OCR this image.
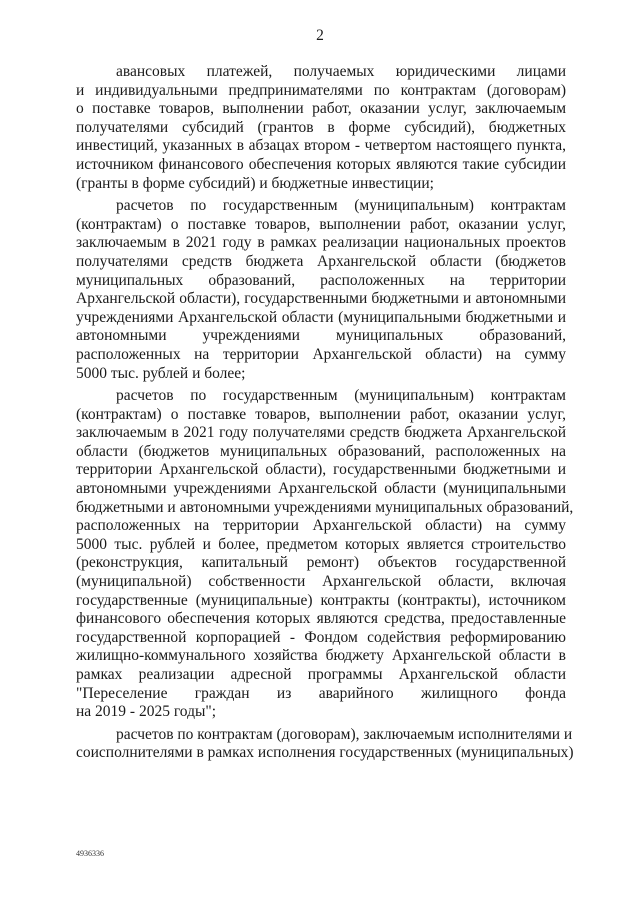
2
авансовых платежей, получаемых юридическими лицами
и индивидуальными предпринимателями по контрактам (договорам)
о поставке товаров, выполнении работ, оказании услуг, заключаемым
получателями субсидий (грантов в форме субсидий), бюджетных
инвестиций, указанных в абзацах втором - четвертом настоящего пункта,
источником финансового обеспечения которых являются такие субсидии
(гранты в форме субсидий) и бюджетные инвестиции;
расчетов по государственным (муниципальным) контрактам
(контрактам) о поставке товаров, выполнении работ, оказании услуг,
заключаемым в 2021 году в рамках реализации национальных проектов
получателями средств бюджета Архангельской области (бюджетов
муниципальных образований, расположенных на территории
Архангельской области), государственными бюджетными и автономными
учреждениями Архангельской области (муниципальными бюджетными и
автономными учреждениями муниципальных образований,
расположенных на территории Архангельской области) на сумму
5000 тыс. рублей и более;
расчетов по государственным (муниципальным) контрактам
(контрактам) о поставке товаров, выполнении работ, оказании услуг,
заключаемым в 2021 году получателями средств бюджета Архангельской
области (бюджетов муниципальных образований, расположенных на
территории Архангельской области), государственными бюджетными и
автономными учреждениями Архангельской области (муниципальными
бюджетными и автономными учреждениями муниципальных образований,
расположенных на территории Архангельской области) на сумму
5000 тыс. рублей и более, предметом которых является строительство
(реконструкция, капитальный ремонт) объектов государственной
(муниципальной) собственности Архангельской области, включая
государственные (муниципальные) контракты (контракты), источником
финансового обеспечения которых являются средства, предоставленные
государственной корпорацией - Фондом содействия реформированию
жилищно-коммунального хозяйства бюджету Архангельской области в
рамках реализации адресной программы Архангельской области
"Переселение граждан из аварийного жилищного фонда
на 2019 - 2025 годы";
расчетов по контрактам (договорам), заключаемым исполнителями и
соисполнителями в рамках исполнения государственных (муниципальных)
4936336
